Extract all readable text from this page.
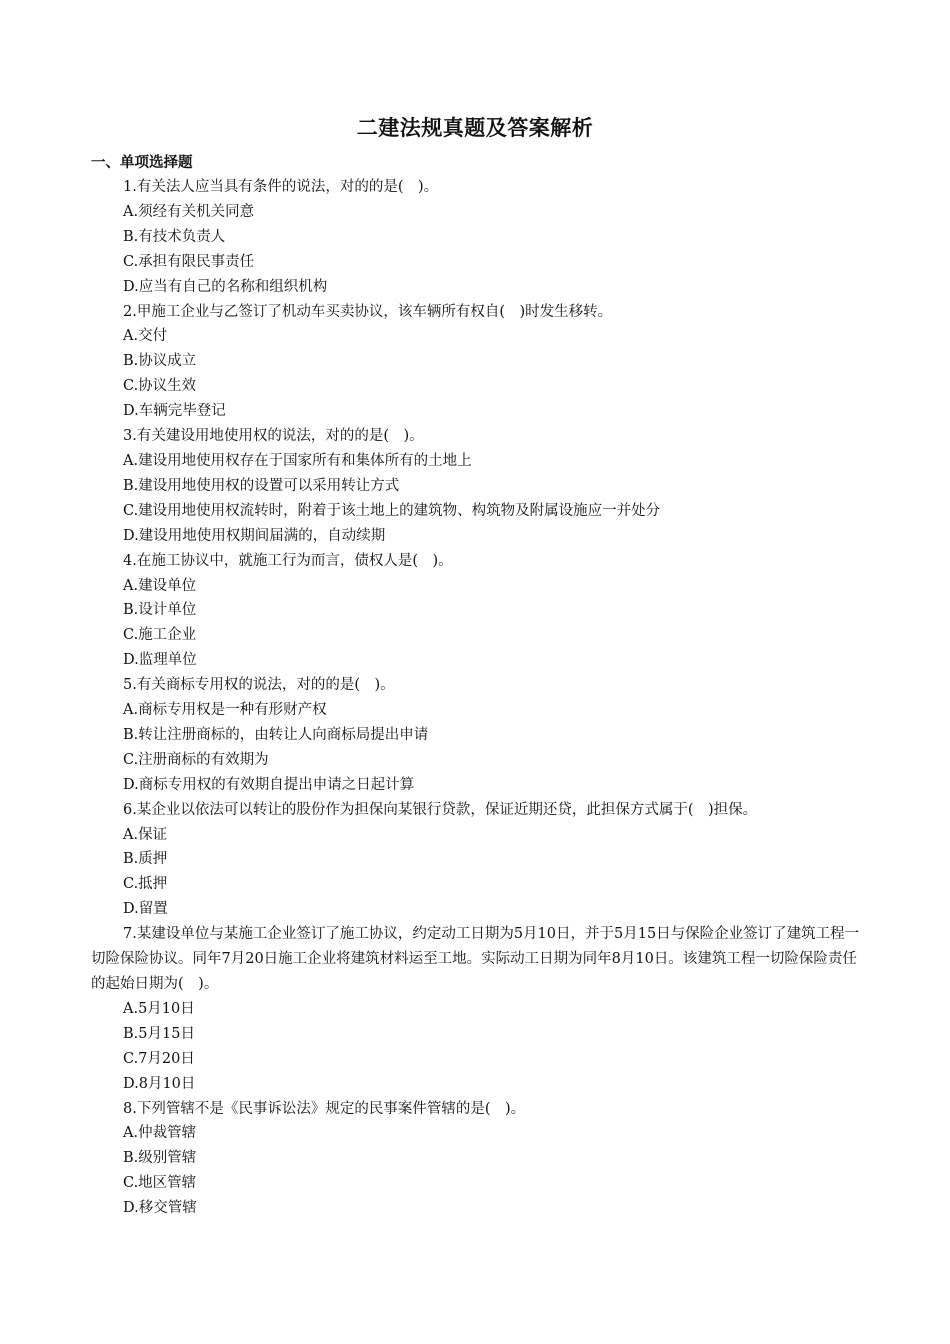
二建法规真题及答案解析
一、单项选择题
1.有关法人应当具有条件的说法，对的的是(　)。
A.须经有关机关同意
B.有技术负责人
C.承担有限民事责任
D.应当有自己的名称和组织机构
2.甲施工企业与乙签订了机动车买卖协议，该车辆所有权自(　)时发生移转。
A.交付
B.协议成立
C.协议生效
D.车辆完毕登记
3.有关建设用地使用权的说法，对的的是(　)。
A.建设用地使用权存在于国家所有和集体所有的土地上
B.建设用地使用权的设置可以采用转让方式
C.建设用地使用权流转时，附着于该土地上的建筑物、构筑物及附属设施应一并处分
D.建设用地使用权期间届满的，自动续期
4.在施工协议中，就施工行为而言，债权人是(　)。
A.建设单位
B.设计单位
C.施工企业
D.监理单位
5.有关商标专用权的说法，对的的是(　)。
A.商标专用权是一种有形财产权
B.转让注册商标的，由转让人向商标局提出申请
C.注册商标的有效期为
D.商标专用权的有效期自提出申请之日起计算
6.某企业以依法可以转让的股份作为担保向某银行贷款，保证近期还贷，此担保方式属于(　)担保。
A.保证
B.质押
C.抵押
D.留置
7.某建设单位与某施工企业签订了施工协议，约定动工日期为5月10日，并于5月15日与保险企业签订了建筑工程一切险保险协议。同年7月20日施工企业将建筑材料运至工地。实际动工日期为同年8月10日。该建筑工程一切险保险责任的起始日期为(　)。
A.5月10日
B.5月15日
C.7月20日
D.8月10日
8.下列管辖不是《民事诉讼法》规定的民事案件管辖的是(　)。
A.仲裁管辖
B.级别管辖
C.地区管辖
D.移交管辖
